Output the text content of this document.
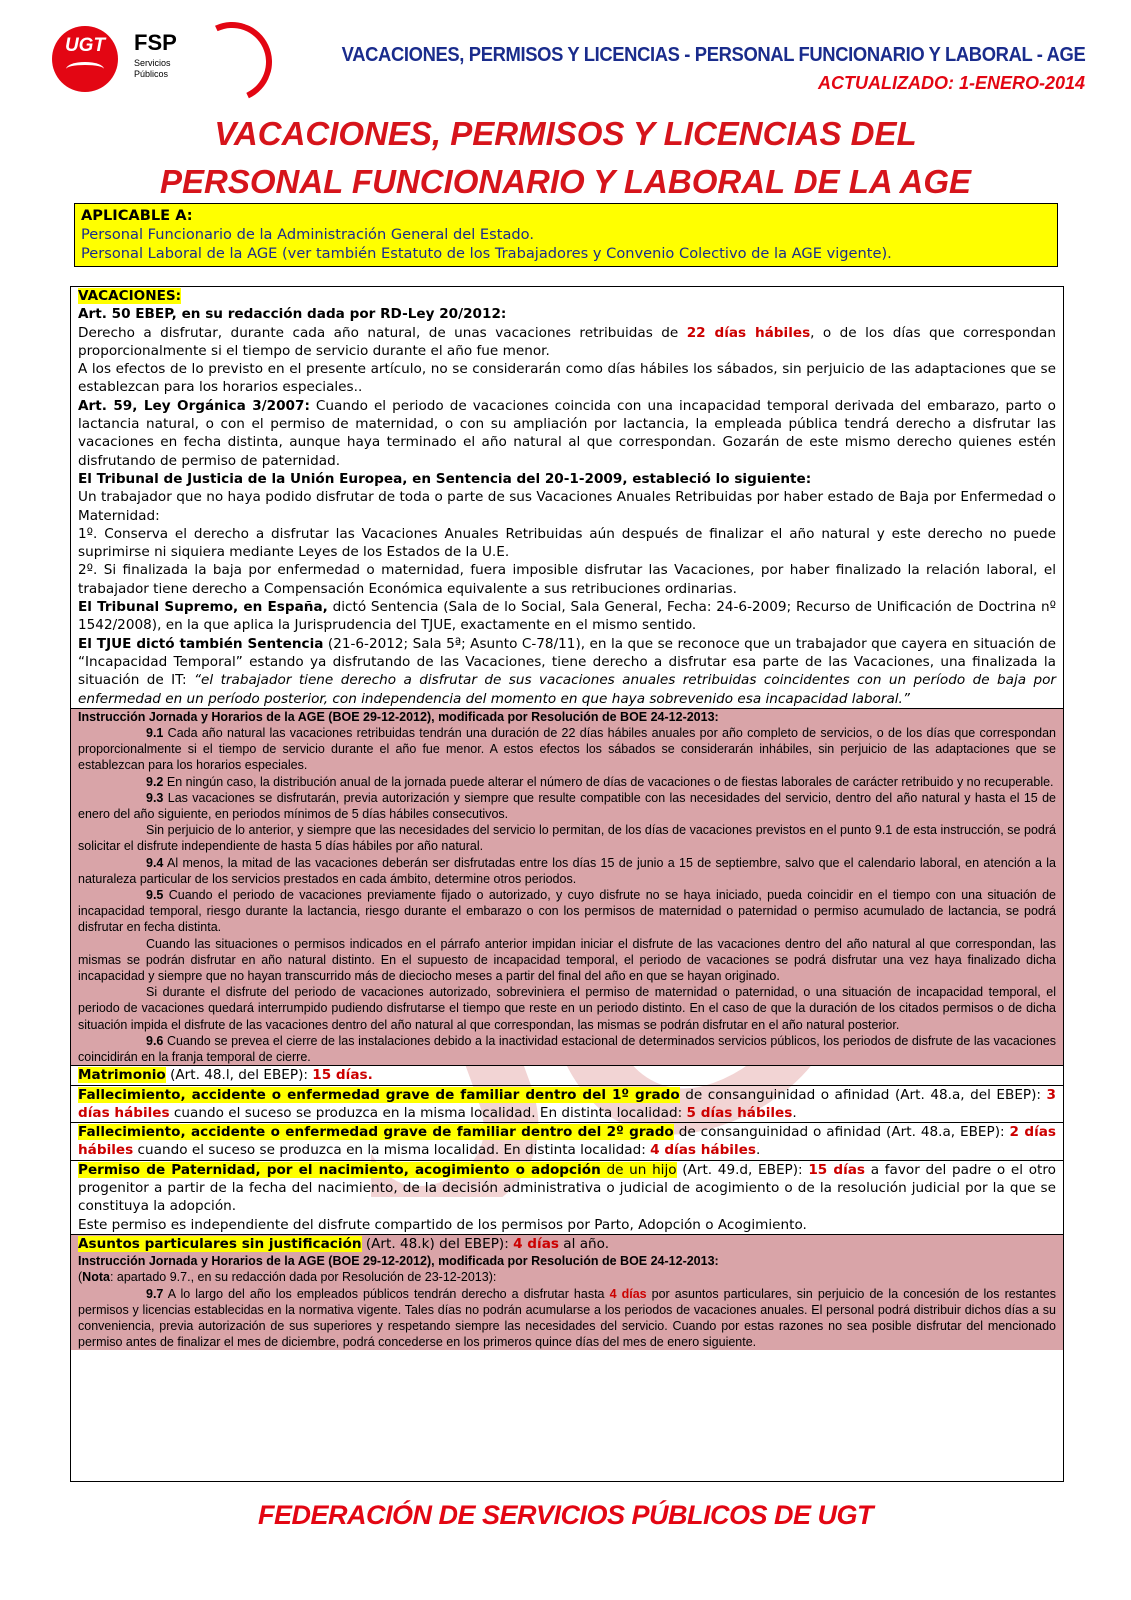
UGT	FSP
Servicios
Públicos
VACACIONES, PERMISOS Y LICENCIAS - PERSONAL FUNCIONARIO Y LABORAL - AGE
ACTUALIZADO: 1-ENERO-2014
VACACIONES, PERMISOS Y LICENCIAS DEL
PERSONAL FUNCIONARIO Y LABORAL DE LA AGE
APLICABLE A:
Personal Funcionario de la Administración General del Estado.
Personal Laboral de la AGE (ver también Estatuto de los Trabajadores y Convenio Colectivo de la AGE vigente).

VACACIONES:

Art. 50 EBEP, en su redacción dada por RD-Ley 20/2012:

Derecho a disfrutar, durante cada año natural, de unas vacaciones retribuidas de 22 días hábiles, o de los días que correspondan proporcionalmente si el tiempo de servicio durante el año fue menor.

A los efectos de lo previsto en el presente artículo, no se considerarán como días hábiles los sábados, sin perjuicio de las adaptaciones que se establezcan para los horarios especiales..

Art. 59, Ley Orgánica 3/2007: Cuando el periodo de vacaciones coincida con una incapacidad temporal derivada del embarazo, parto o lactancia natural, o con el permiso de maternidad, o con su ampliación por lactancia, la empleada pública tendrá derecho a disfrutar las vacaciones en fecha distinta, aunque haya terminado el año natural al que correspondan. Gozarán de este mismo derecho quienes estén disfrutando de permiso de paternidad.

El Tribunal de Justicia de la Unión Europea, en Sentencia del 20-1-2009, estableció lo siguiente:

Un trabajador que no haya podido disfrutar de toda o parte de sus Vacaciones Anuales Retribuidas por haber estado de Baja por Enfermedad o Maternidad:

1º. Conserva el derecho a disfrutar las Vacaciones Anuales Retribuidas aún después de finalizar el año natural y este derecho no puede suprimirse ni siquiera mediante Leyes de los Estados de la U.E.

2º. Si finalizada la baja por enfermedad o maternidad, fuera imposible disfrutar las Vacaciones, por haber finalizado la relación laboral, el trabajador tiene derecho a Compensación Económica equivalente a sus retribuciones ordinarias.

El Tribunal Supremo, en España, dictó Sentencia (Sala de lo Social, Sala General, Fecha: 24-6-2009; Recurso de Unificación de Doctrina nº 1542/2008), en la que aplica la Jurisprudencia del TJUE, exactamente en el mismo sentido.

El TJUE dictó también Sentencia (21-6-2012; Sala 5ª; Asunto C-78/11), en la que se reconoce que un trabajador que cayera en situación de “Incapacidad Temporal” estando ya disfrutando de las Vacaciones, tiene derecho a disfrutar esa parte de las Vacaciones, una finalizada la situación de IT: “el trabajador tiene derecho a disfrutar de sus vacaciones anuales retribuidas coincidentes con un período de baja por enfermedad en un período posterior, con independencia del momento en que haya sobrevenido esa incapacidad laboral.”

Instrucción Jornada y Horarios de la AGE (BOE 29-12-2012), modificada por Resolución de BOE 24-12-2013:

9.1 Cada año natural las vacaciones retribuidas tendrán una duración de 22 días hábiles anuales por año completo de servicios, o de los días que correspondan proporcionalmente si el tiempo de servicio durante el año fue menor. A estos efectos los sábados se considerarán inhábiles, sin perjuicio de las adaptaciones que se establezcan para los horarios especiales.

9.2 En ningún caso, la distribución anual de la jornada puede alterar el número de días de vacaciones o de fiestas laborales de carácter retribuido y no recuperable.

9.3 Las vacaciones se disfrutarán, previa autorización y siempre que resulte compatible con las necesidades del servicio, dentro del año natural y hasta el 15 de enero del año siguiente, en periodos mínimos de 5 días hábiles consecutivos.

Sin perjuicio de lo anterior, y siempre que las necesidades del servicio lo permitan, de los días de vacaciones previstos en el punto 9.1 de esta instrucción, se podrá solicitar el disfrute independiente de hasta 5 días hábiles por año natural.

9.4 Al menos, la mitad de las vacaciones deberán ser disfrutadas entre los días 15 de junio a 15 de septiembre, salvo que el calendario laboral, en atención a la naturaleza particular de los servicios prestados en cada ámbito, determine otros periodos.

9.5 Cuando el periodo de vacaciones previamente fijado o autorizado, y cuyo disfrute no se haya iniciado, pueda coincidir en el tiempo con una situación de incapacidad temporal, riesgo durante la lactancia, riesgo durante el embarazo o con los permisos de maternidad o paternidad o permiso acumulado de lactancia, se podrá disfrutar en fecha distinta.

Cuando las situaciones o permisos indicados en el párrafo anterior impidan iniciar el disfrute de las vacaciones dentro del año natural al que correspondan, las mismas se podrán disfrutar en año natural distinto. En el supuesto de incapacidad temporal, el periodo de vacaciones se podrá disfrutar una vez haya finalizado dicha incapacidad y siempre que no hayan transcurrido más de dieciocho meses a partir del final del año en que se hayan originado.

Si durante el disfrute del periodo de vacaciones autorizado, sobreviniera el permiso de maternidad o paternidad, o una situación de incapacidad temporal, el periodo de vacaciones quedará interrumpido pudiendo disfrutarse el tiempo que reste en un periodo distinto. En el caso de que la duración de los citados permisos o de dicha situación impida el disfrute de las vacaciones dentro del año natural al que correspondan, las mismas se podrán disfrutar en el año natural posterior.

9.6 Cuando se prevea el cierre de las instalaciones debido a la inactividad estacional de determinados servicios públicos, los periodos de disfrute de las vacaciones coincidirán en la franja temporal de cierre.

Matrimonio (Art. 48.l, del EBEP): 15 días.

Fallecimiento, accidente o enfermedad grave de familiar dentro del 1º grado de consanguinidad o afinidad (Art. 48.a, del EBEP): 3 días hábiles cuando el suceso se produzca en la misma localidad. En distinta localidad: 5 días hábiles.

Fallecimiento, accidente o enfermedad grave de familiar dentro del 2º grado de consanguinidad o afinidad (Art. 48.a, EBEP): 2 días hábiles cuando el suceso se produzca en la misma localidad. En distinta localidad: 4 días hábiles.

Permiso de Paternidad, por el nacimiento, acogimiento o adopción de un hijo (Art. 49.d, EBEP): 15 días a favor del padre o el otro progenitor a partir de la fecha del nacimiento, de la decisión administrativa o judicial de acogimiento o de la resolución judicial por la que se constituya la adopción.

Este permiso es independiente del disfrute compartido de los permisos por Parto, Adopción o Acogimiento.

Asuntos particulares sin justificación (Art. 48.k) del EBEP): 4 días al año.

Instrucción Jornada y Horarios de la AGE (BOE 29-12-2012), modificada por Resolución de BOE 24-12-2013:

(Nota: apartado 9.7., en su redacción dada por Resolución de 23-12-2013):

9.7 A lo largo del año los empleados públicos tendrán derecho a disfrutar hasta 4 días por asuntos particulares, sin perjuicio de la concesión de los restantes permisos y licencias establecidas en la normativa vigente. Tales días no podrán acumularse a los periodos de vacaciones anuales. El personal podrá distribuir dichos días a su conveniencia, previa autorización de sus superiores y respetando siempre las necesidades del servicio. Cuando por estas razones no sea posible disfrutar del mencionado permiso antes de finalizar el mes de diciembre, podrá concederse en los primeros quince días del mes de enero siguiente.

FEDERACIÓN DE SERVICIOS PÚBLICOS DE UGT
